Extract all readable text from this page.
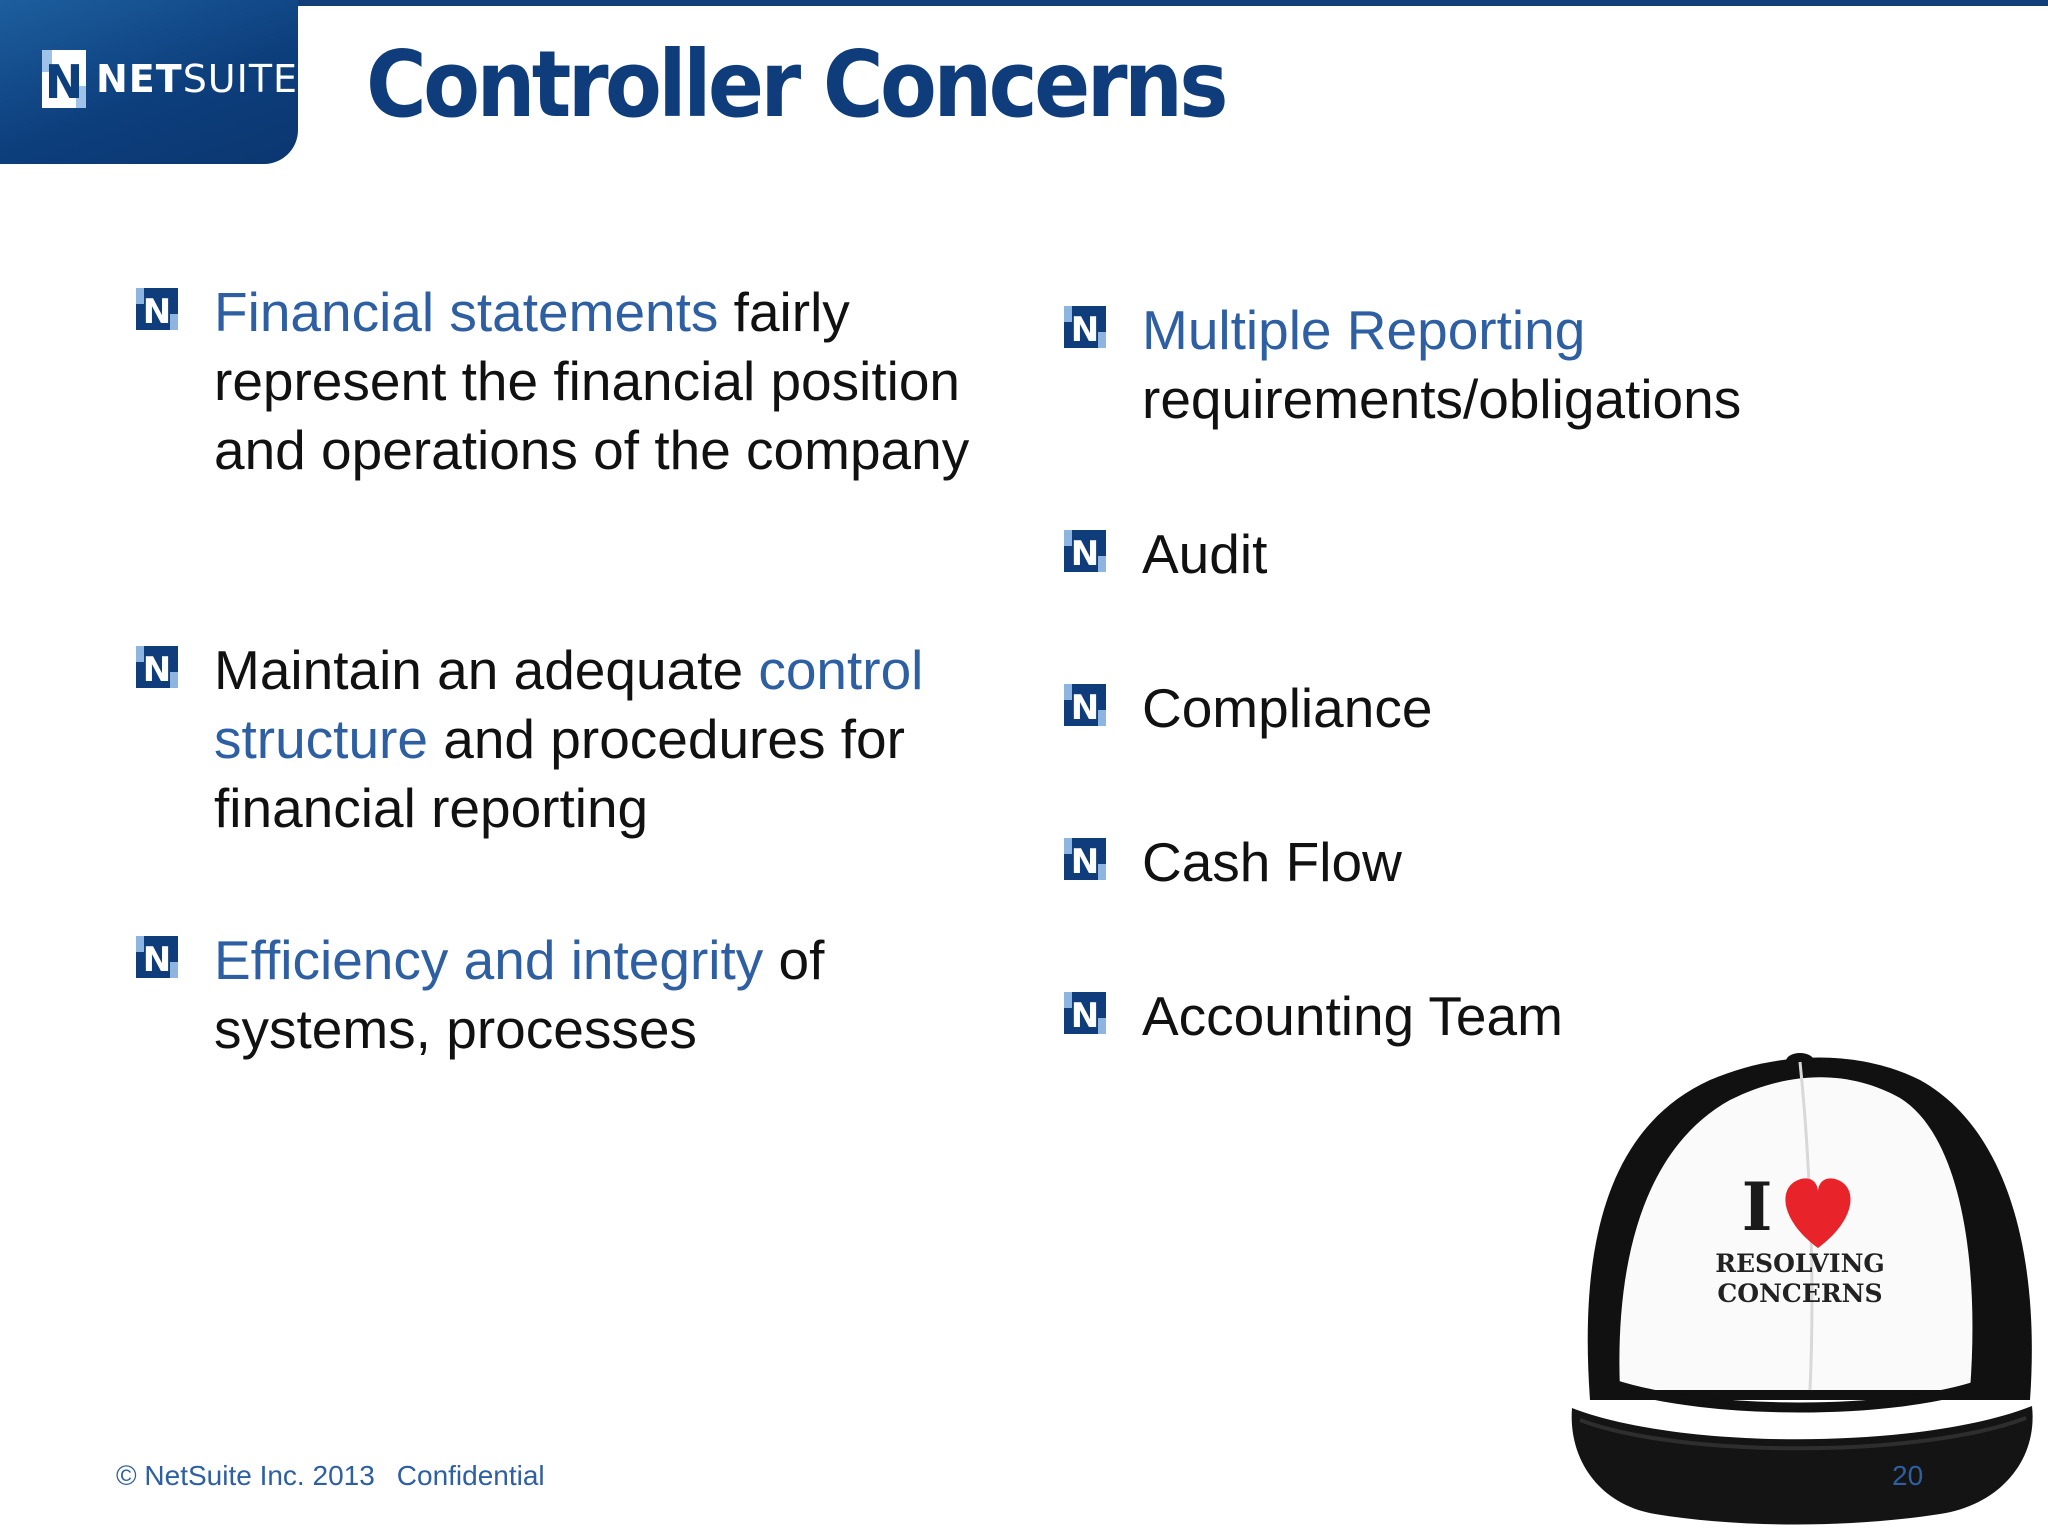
N NETSUITE Controller Concerns
N Financial statements fairly represent the financial position and operations of the company
N Maintain an adequate control structure and procedures for financial reporting
N Efficiency and integrity of systems, processes
N Multiple Reporting requirements/obligations
N Audit
N Compliance
N Cash Flow
N Accounting Team
I
RESOLVING
CONCERNS
© NetSuite Inc. 2013 Confidential	20
